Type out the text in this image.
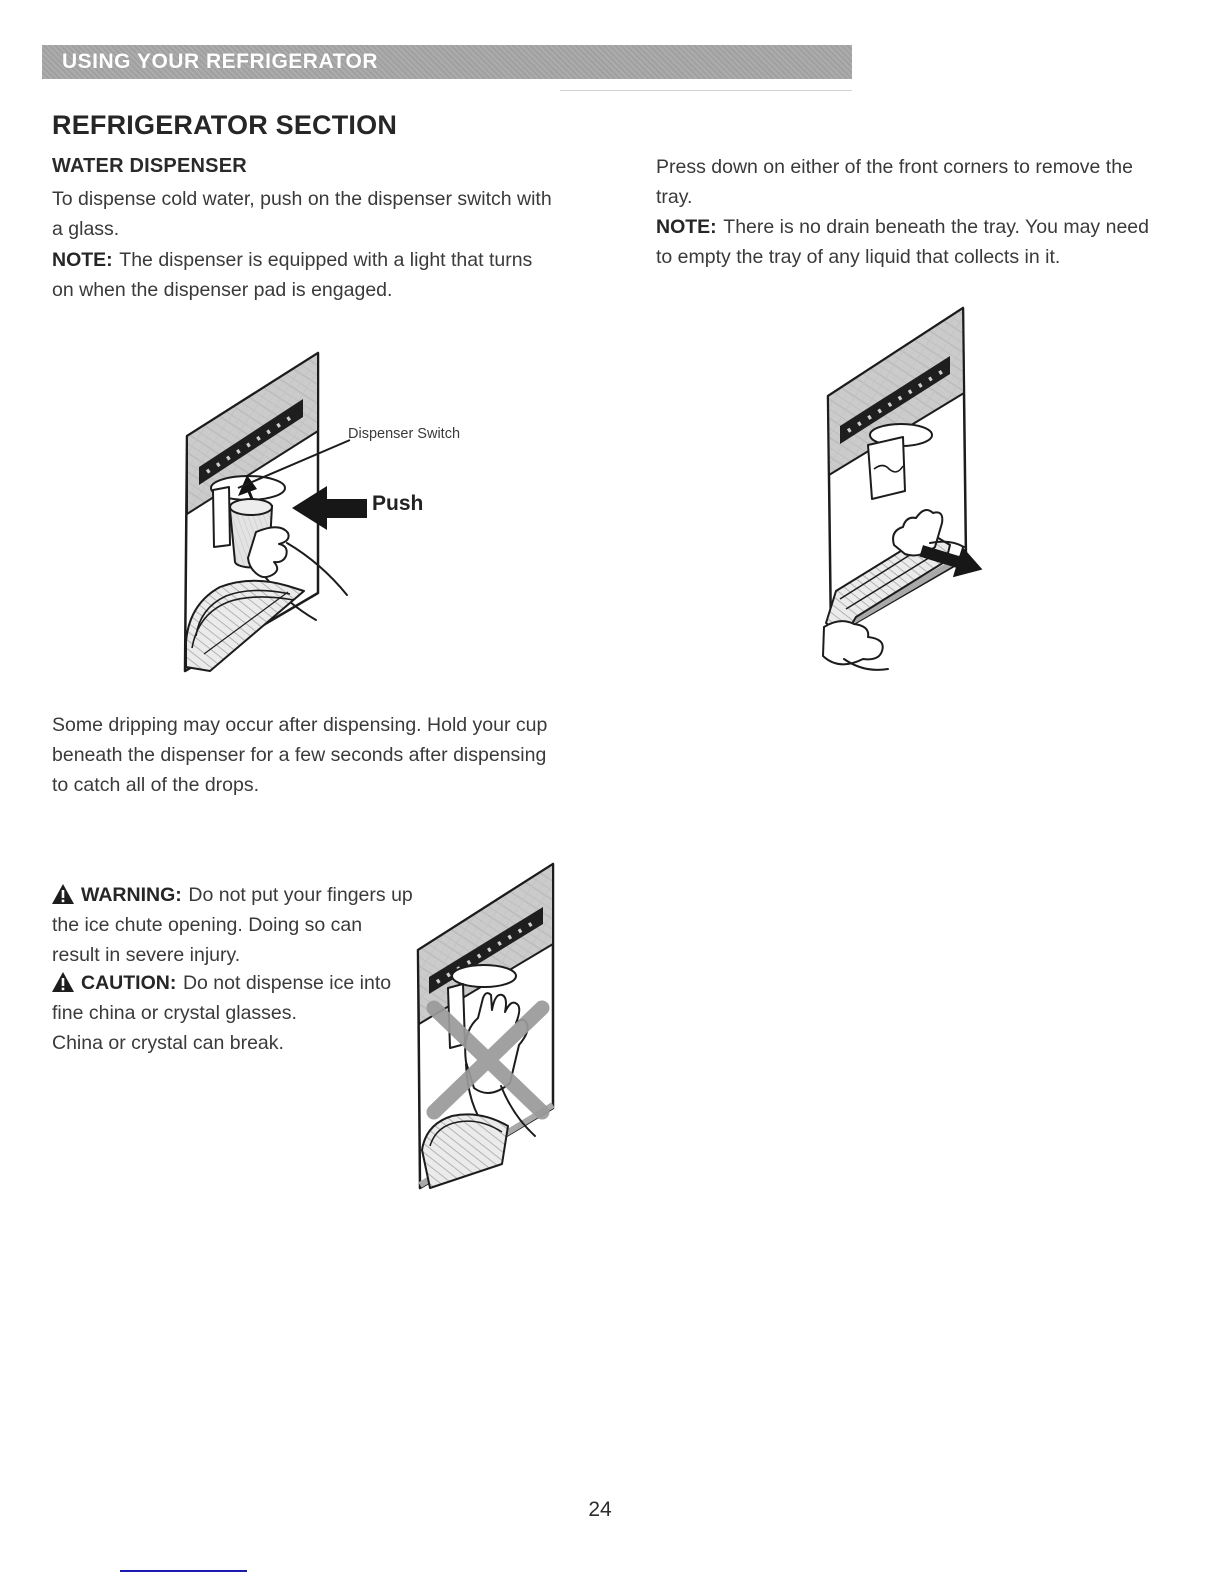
USING YOUR REFRIGERATOR
REFRIGERATOR SECTION
WATER DISPENSER

To dispense cold water, push on the dispenser switch with a glass.

NOTE: The dispenser is equipped with a light that turns on when the dispenser pad is engaged.

Press down on either of the front corners to remove the tray.

NOTE: There is no drain beneath the tray. You may need to empty the tray of any liquid that collects in it.

Dispenser Switch
Push

Some dripping may occur after dispensing. Hold your cup beneath the dispenser for a few seconds after dispensing to catch all of the drops.

WARNING: Do not put your fingers up the ice chute opening. Doing so can result in severe injury.

CAUTION: Do not dispense ice into fine china or crystal glasses.

China or crystal can break.

24
